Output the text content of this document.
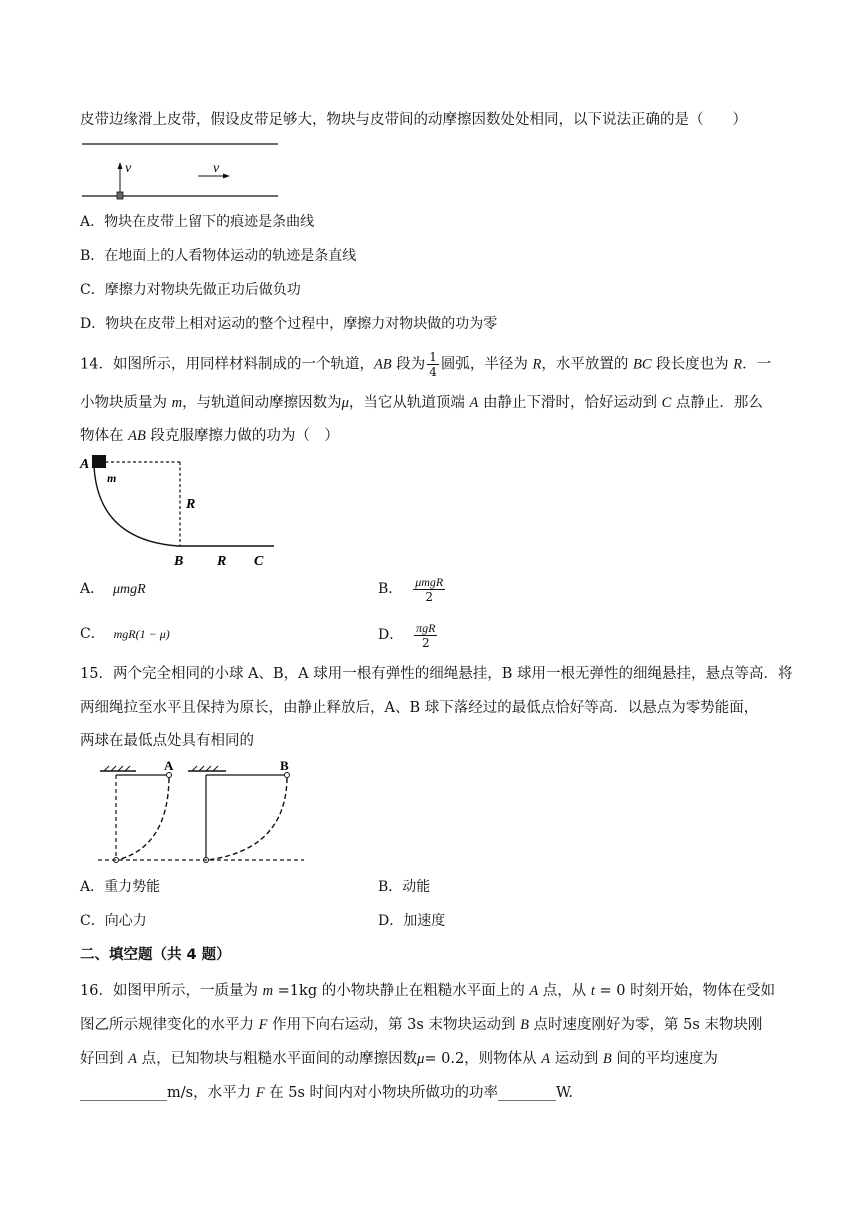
皮带边缘滑上皮带，假设皮带足够大，物块与皮带间的动摩擦因数处处相同，以下说法正确的是（　　）
v	v
A．物块在皮带上留下的痕迹是条曲线
B．在地面上的人看物体运动的轨迹是条直线
C．摩擦力对物块先做正功后做负功
D．物块在皮带上相对运动的整个过程中，摩擦力对物块做的功为零
14．如图所示，用同样材料制成的一个轨道，AB 段为 $\frac{1}{4}$ 圆弧，半径为 R，水平放置的 BC 段长度也为 R．一
小物块质量为 m，与轨道间动摩擦因数为μ，当它从轨道顶端 A 由静止下滑时，恰好运动到 C 点静止．那么
物体在 AB 段克服摩擦力做的功为（　）
A
m
R
B R C
A． μmgR	B． $\frac{\text{μmgR}}{2}$
C． mgR(1 − μ)	D． $\frac{\text{πgR}}{2}$
15．两个完全相同的小球 A、B，A 球用一根有弹性的细绳悬挂，B 球用一根无弹性的细绳悬挂，悬点等高．将
两细绳拉至水平且保持为原长，由静止释放后，A、B 球下落经过的最低点恰好等高．以悬点为零势能面，
两球在最低点处具有相同的
A	B
A．重力势能	B．动能
C．向心力	D．加速度
二、填空题（共 4 题）
16．如图甲所示，一质量为 m =1kg 的小物块静止在粗糙水平面上的 A 点，从 t = 0 时刻开始，物体在受如
图乙所示规律变化的水平力 F 作用下向右运动，第 3s 末物块运动到 B 点时速度刚好为零，第 5s 末物块刚
好回到 A 点，已知物块与粗糙水平面间的动摩擦因数μ= 0.2，则物体从 A 运动到 B 间的平均速度为
____________m/s，水平力 F 在 5s 时间内对小物块所做功的功率________W.
